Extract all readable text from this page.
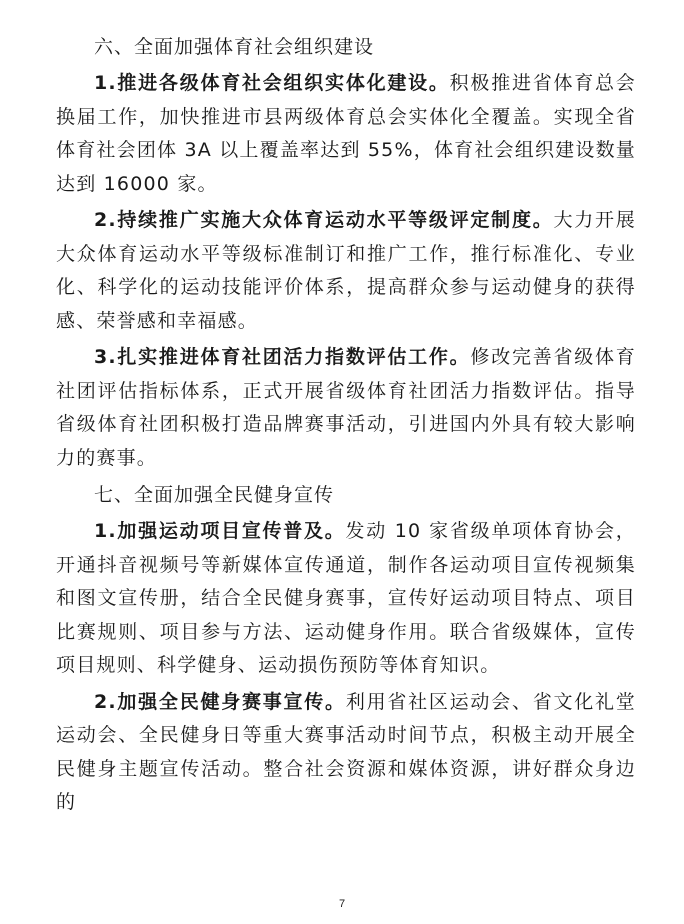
六、全面加强体育社会组织建设

1.推进各级体育社会组织实体化建设。积极推进省体育总会换届工作，加快推进市县两级体育总会实体化全覆盖。实现全省体育社会团体 3A 以上覆盖率达到 55%，体育社会组织建设数量达到 16000 家。

2.持续推广实施大众体育运动水平等级评定制度。大力开展大众体育运动水平等级标准制订和推广工作，推行标准化、专业化、科学化的运动技能评价体系，提高群众参与运动健身的获得感、荣誉感和幸福感。

3.扎实推进体育社团活力指数评估工作。修改完善省级体育社团评估指标体系，正式开展省级体育社团活力指数评估。指导省级体育社团积极打造品牌赛事活动，引进国内外具有较大影响力的赛事。

七、全面加强全民健身宣传

1.加强运动项目宣传普及。发动 10 家省级单项体育协会，开通抖音视频号等新媒体宣传通道，制作各运动项目宣传视频集和图文宣传册，结合全民健身赛事，宣传好运动项目特点、项目比赛规则、项目参与方法、运动健身作用。联合省级媒体，宣传项目规则、科学健身、运动损伤预防等体育知识。

2.加强全民健身赛事宣传。利用省社区运动会、省文化礼堂运动会、全民健身日等重大赛事活动时间节点，积极主动开展全民健身主题宣传活动。整合社会资源和媒体资源，讲好群众身边的

7
